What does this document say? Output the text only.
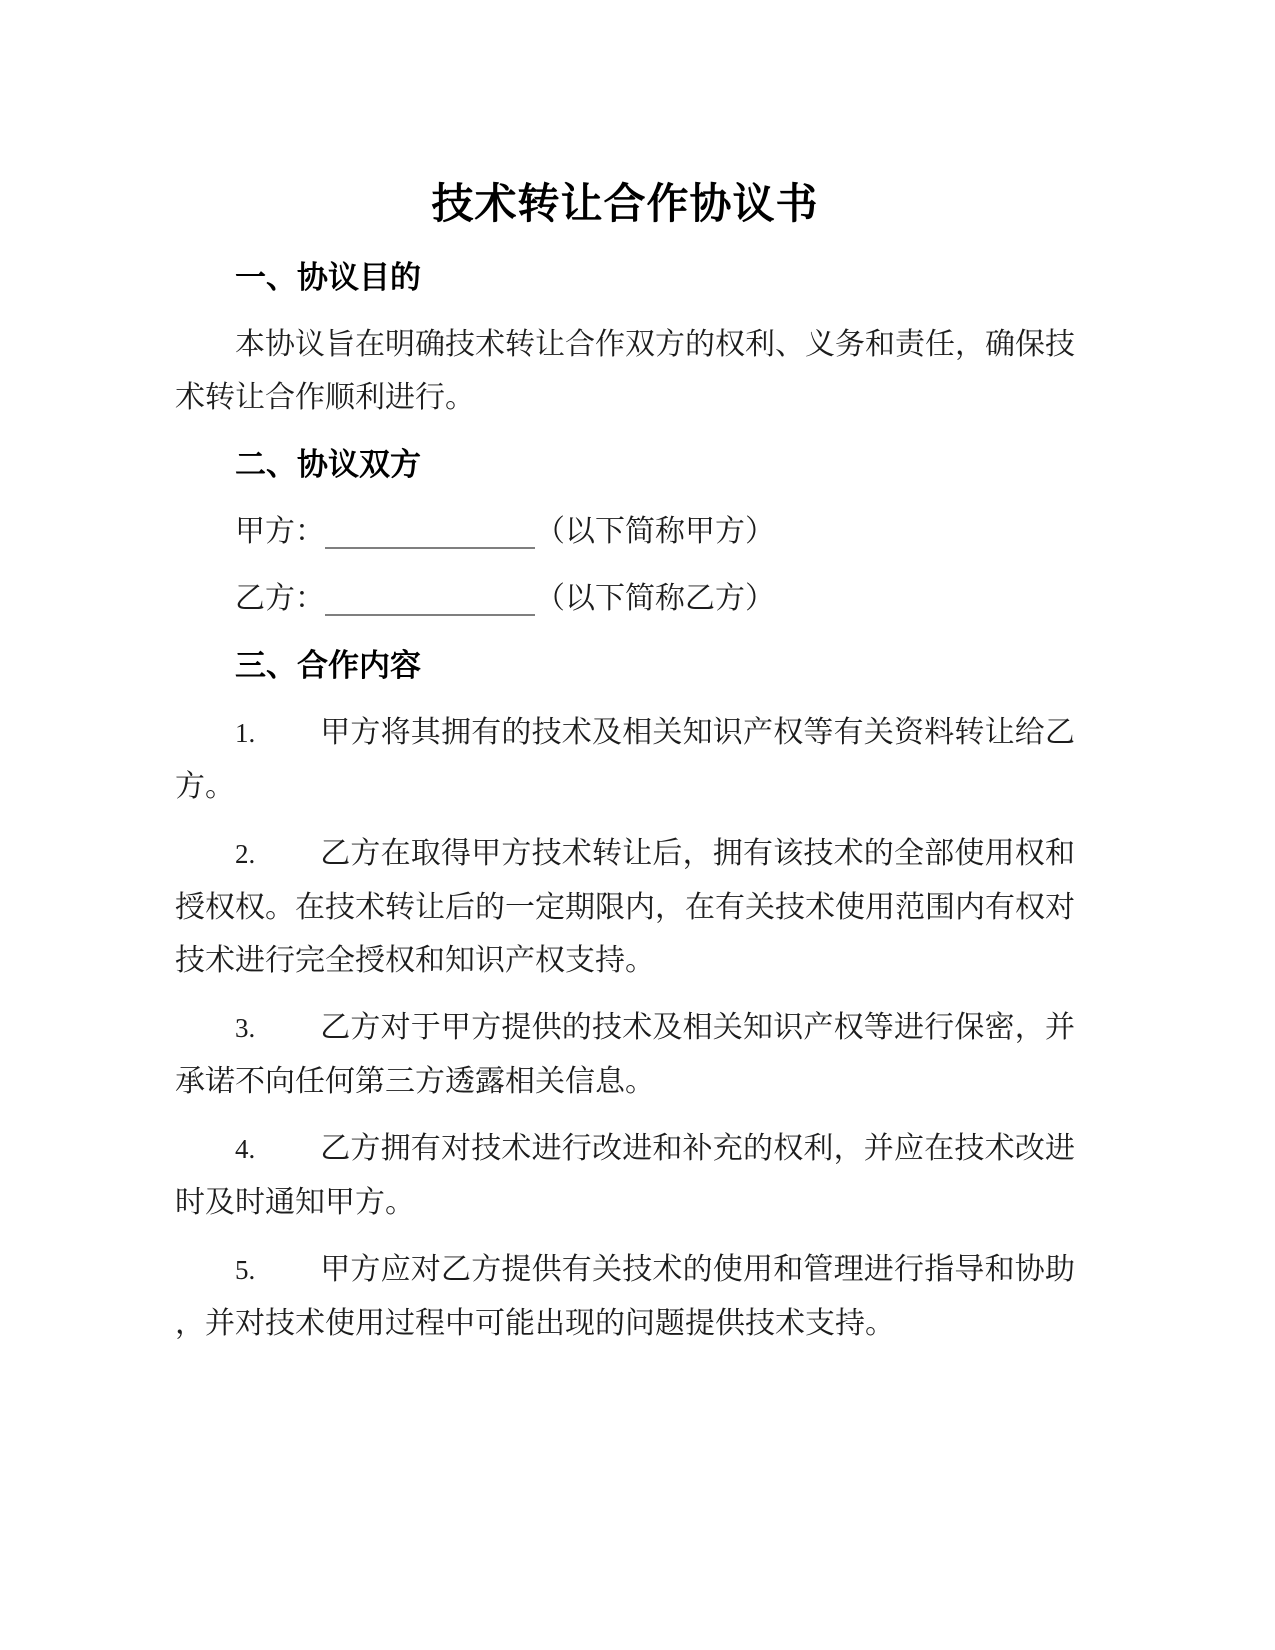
技术转让合作协议书
一、协议目的

本协议旨在明确技术转让合作双方的权利、义务和责任，确保技术转让合作顺利进行。

二、协议双方

甲方：	（以下简称甲方）

乙方：	（以下简称乙方）

三、合作内容

1. 甲方将其拥有的技术及相关知识产权等有关资料转让给乙方。

2. 乙方在取得甲方技术转让后，拥有该技术的全部使用权和授权权。在技术转让后的一定期限内，在有关技术使用范围内有权对技术进行完全授权和知识产权支持。

3. 乙方对于甲方提供的技术及相关知识产权等进行保密，并承诺不向任何第三方透露相关信息。

4. 乙方拥有对技术进行改进和补充的权利，并应在技术改进时及时通知甲方。

5. 甲方应对乙方提供有关技术的使用和管理进行指导和协助，并对技术使用过程中可能出现的问题提供技术支持。
